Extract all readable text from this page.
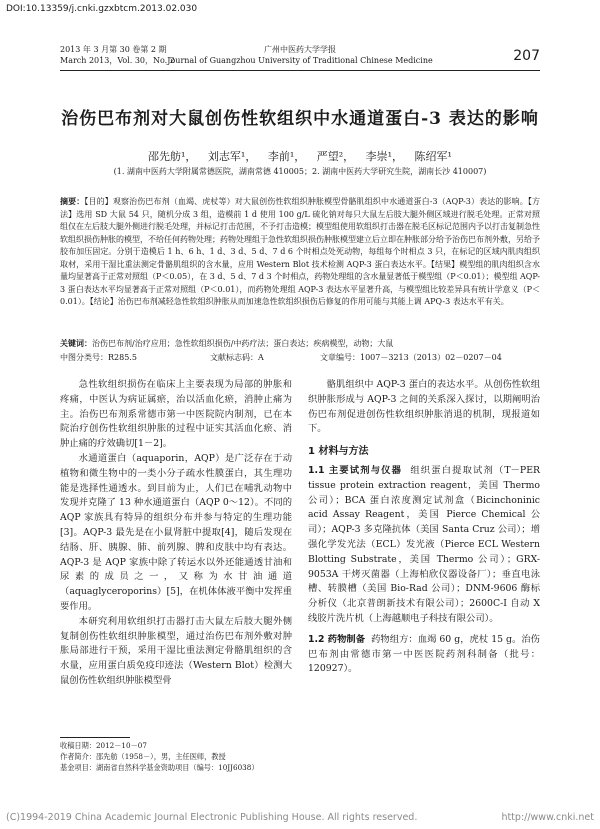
DOI:10.13359/j.cnki.gzxbtcm.2013.02.030
2013 年 3 月第 30 卷第 2 期
March 2013，Vol. 30，No. 2
广州中医药大学学报
Journal of Guangzhou University of Traditional Chinese Medicine	207
治伤巴布剂对大鼠创伤性软组织中水通道蛋白-3 表达的影响
邵先舫¹， 刘志军¹， 李前¹， 严望²， 李崇¹， 陈绍军¹
(1. 湖南中医药大学附属常德医院，湖南常德 410005；2. 湖南中医药大学研究生院，湖南长沙 410007)
摘要：【目的】观察治伤巴布剂（血竭、虎杖等）对大鼠创伤性软组织肿胀模型骨骼肌组织中水通道蛋白-3（AQP-3）表达的影响。【方法】选用 SD 大鼠 54 只，随机分成 3 组，造模前 1 d 使用 100 g/L 硫化钠对每只大鼠左后肢大腿外侧区域进行脱毛处理。正常对照组仅在左后肢大腿外侧进行脱毛处理，并标记打击范围，不予打击造模；模型组使用软组织打击器在脱毛区标记范围内予以打击复制急性软组织损伤肿胀的模型，不给任何药物处理；药物处理组于急性软组织损伤肿胀模型建立后立即在肿胀部分给予治伤巴布剂外敷，另给予胶布加压固定。分别于造模后 1 h、6 h、1 d、3 d、5 d、7 d 6 个时相点处死动物，每组每个时相点 3 只，在标记的区域内肌肉组织取材，采用干湿比重法测定骨骼肌组织的含水量，应用 Western Blot 技术检测 AQP-3 蛋白表达水平。【结果】模型组的肌肉组织含水量均显著高于正常对照组（P＜0.05），在 3 d、5 d、7 d 3 个时相点，药物处理组的含水量显著低于模型组（P＜0.01）；模型组 AQP-3 蛋白表达水平均显著高于正常对照组（P＜0.01），而药物处理组 AQP-3 表达水平显著升高，与模型组比较差异具有统计学意义（P＜0.01）。【结论】治伤巴布剂减轻急性软组织肿胀从而加速急性软组织损伤后修复的作用可能与其能上调 APQ-3 表达水平有关。
关键词：治伤巴布剂/治疗应用；急性软组织损伤/中药疗法；蛋白表达；疾病模型，动物；大鼠
中图分类号：R285.5	文献标志码：A	文章编号：1007－3213（2013）02－0207－04

急性软组织损伤在临床上主要表现为局部的肿胀和疼痛，中医认为病证属瘀，治以活血化瘀，消肿止痛为主。治伤巴布剂系常德市第一中医院院内制剂，已在本院治疗创伤性软组织肿胀的过程中证实其活血化瘀、消肿止痛的疗效确切[1－2]。

水通道蛋白（aquaporin，AQP）是广泛存在于动植物和微生物中的一类小分子疏水性膜蛋白，其生理功能是选择性通透水。到目前为止，人们已在哺乳动物中发现并克隆了 13 种水通道蛋白（AQP 0～12）。不同的 AQP 家族具有特异的组织分布并参与特定的生理功能[3]。AQP-3 最先是在小鼠肾脏中提取[4]，随后发现在结肠、肝、胰腺、肺、前列腺、脾和皮肤中均有表达。AQP-3 是 AQP 家族中除了转运水以外还能通透甘油和尿素的成员之一，又称为水甘油通道（aquaglyceroporins）[5]，在机体体液平衡中发挥重要作用。

本研究利用软组织打击器打击大鼠左后肢大腿外侧复制创伤性软组织肿胀模型，通过治伤巴布剂外敷对肿胀局部进行干预，采用干湿比重法测定骨骼肌组织的含水量，应用蛋白质免疫印迹法（Western Blot）检测大鼠创伤性软组织肿胀模型骨

骼肌组织中 AQP-3 蛋白的表达水平。从创伤性软组织肿胀形成与 AQP-3 之间的关系深入探讨，以期阐明治伤巴布剂促进创伤性软组织肿胀消退的机制，现报道如下。

1 材料与方法

1.1 主要试剂与仪器 组织蛋白提取试剂（T－PER tissue protein extraction reagent，美国 Thermo 公司）；BCA 蛋白浓度测定试剂盒（Bicinchoninic acid Assay Reagent，美国 Pierce Chemical 公司）；AQP-3 多克隆抗体（美国 Santa Cruz 公司）；增强化学发光法（ECL）发光液（Pierce ECL Western Blotting Substrate，美国 Thermo 公司）；GRX-9053A 干烤灭菌器（上海柏欣仪器设备厂）；垂直电泳槽、转膜槽（美国 Bio-Rad 公司）；DNM-9606 酶标分析仪（北京普朗新技术有限公司）；2600C-I 自动 X 线胶片洗片机（上海越顺电子科技有限公司）。

1.2 药物制备 药物组方：血竭 60 g，虎杖 15 g。治伤巴布剂由常德市第一中医医院药剂科制备（批号：120927）。

收稿日期：2012－10－07
作者简介：邵先舫（1958－），男，主任医师，教授
基金项目：湖南省自然科学基金资助项目（编号：10JJ6038）
(C)1994-2019 China Academic Journal Electronic Publishing House. All rights reserved.	http://www.cnki.net
